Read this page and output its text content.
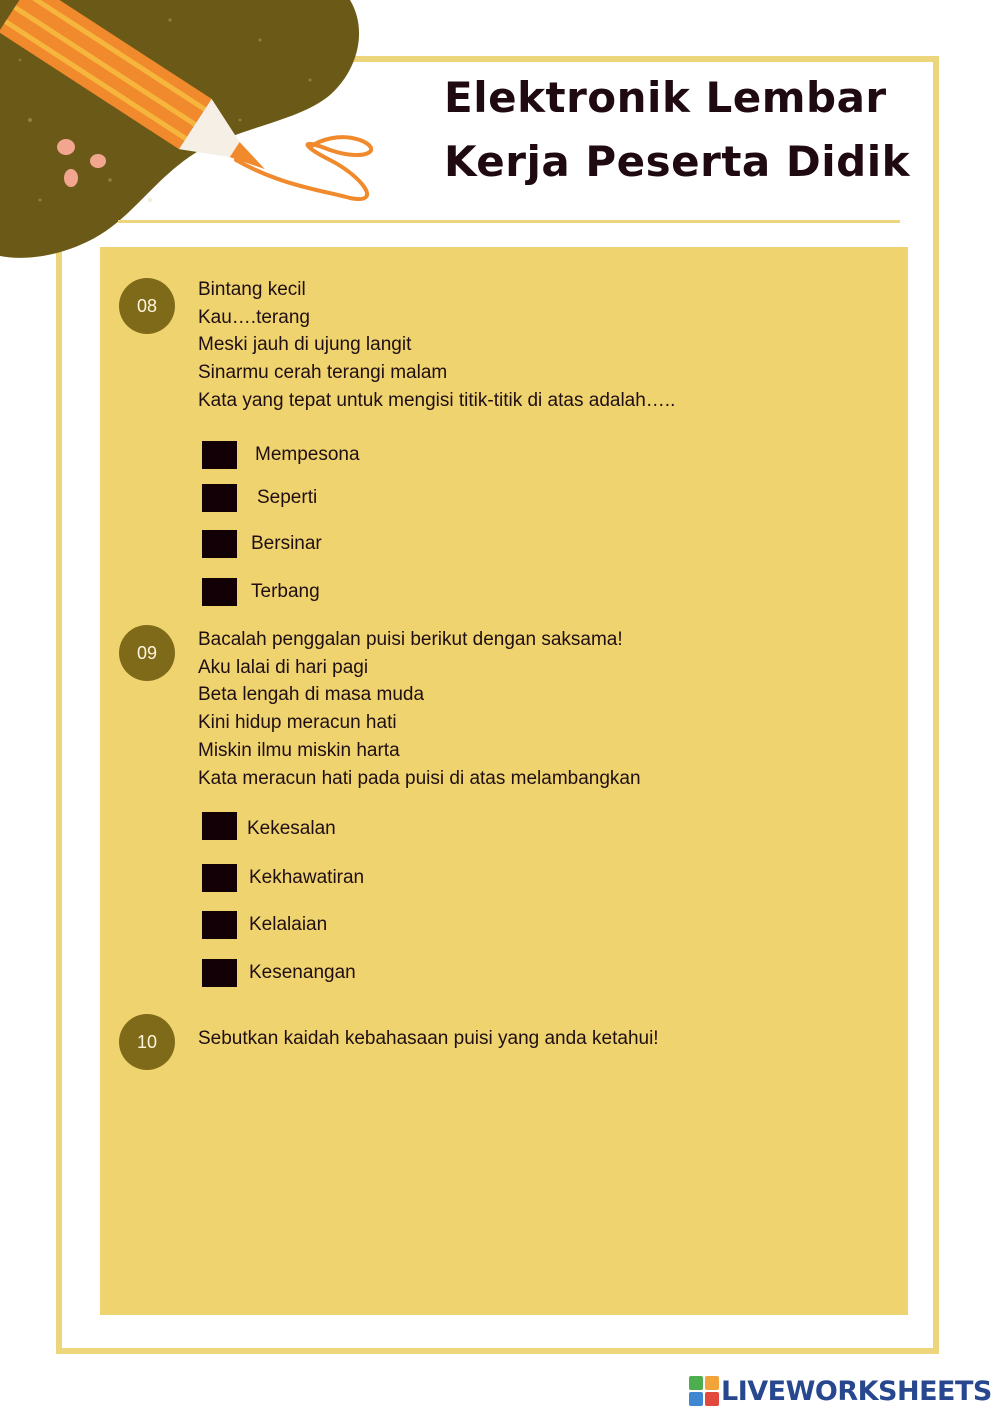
Elektronik Lembar
Kerja Peserta Didik
08
Bintang kecil
Kau….terang
Meski jauh di ujung langit
Sinarmu cerah terangi malam
Kata yang tepat untuk mengisi titik-titik di atas adalah…..
Mempesona
Seperti
Bersinar
Terbang
09
Bacalah penggalan puisi berikut dengan saksama!
Aku lalai di hari pagi
Beta lengah di masa muda
Kini hidup meracun hati
Miskin ilmu miskin harta
Kata meracun hati pada puisi di atas melambangkan
Kekesalan
Kekhawatiran
Kelalaian
Kesenangan
10	Sebutkan kaidah kebahasaan puisi yang anda ketahui!
LIVEWORKSHEETS
